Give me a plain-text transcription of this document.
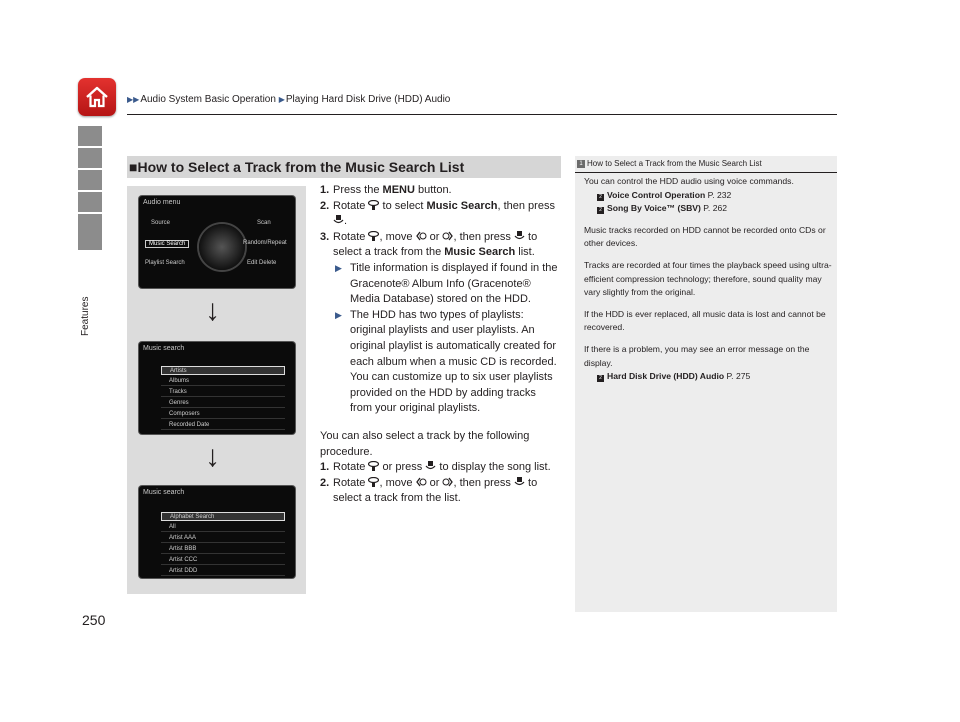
▶▶Audio System Basic Operation ▶Playing Hard Disk Drive (HDD) Audio
Features
250
■How to Select a Track from the Music Search List
Audio menu
Source	Scan
Music Search	Random/Repeat
Playlist Search	Edit Delete
↓
Music search
Artists
Albums
Tracks
Genres
Composers
Recorded Date
↓
Music search
Alphabet Search
All
Artist AAA
Artist BBB
Artist CCC
Artist DDD
1. Press the MENU button.
2. Rotate  to select Music Search, then press .
3. Rotate , move  or , then press  to select a track from the Music Search list.
▶ Title information is displayed if found in the Gracenote® Album Info (Gracenote® Media Database) stored on the HDD.
▶ The HDD has two types of playlists: original playlists and user playlists. An original playlist is automatically created for each album when a music CD is recorded. You can customize up to six user playlists provided on the HDD by adding tracks from your original playlists.
You can also select a track by the following procedure.
1. Rotate  or press  to display the song list.
2. Rotate , move  or , then press  to select a track from the list.
1 How to Select a Track from the Music Search List

You can control the HDD audio using voice commands.

2 Voice Control Operation P. 232
2 Song By Voice™ (SBV) P. 262

Music tracks recorded on HDD cannot be recorded onto CDs or other devices.

Tracks are recorded at four times the playback speed using ultra-efficient compression technology; therefore, sound quality may vary slightly from the original.

If the HDD is ever replaced, all music data is lost and cannot be recovered.

If there is a problem, you may see an error message on the display.

2 Hard Disk Drive (HDD) Audio P. 275
